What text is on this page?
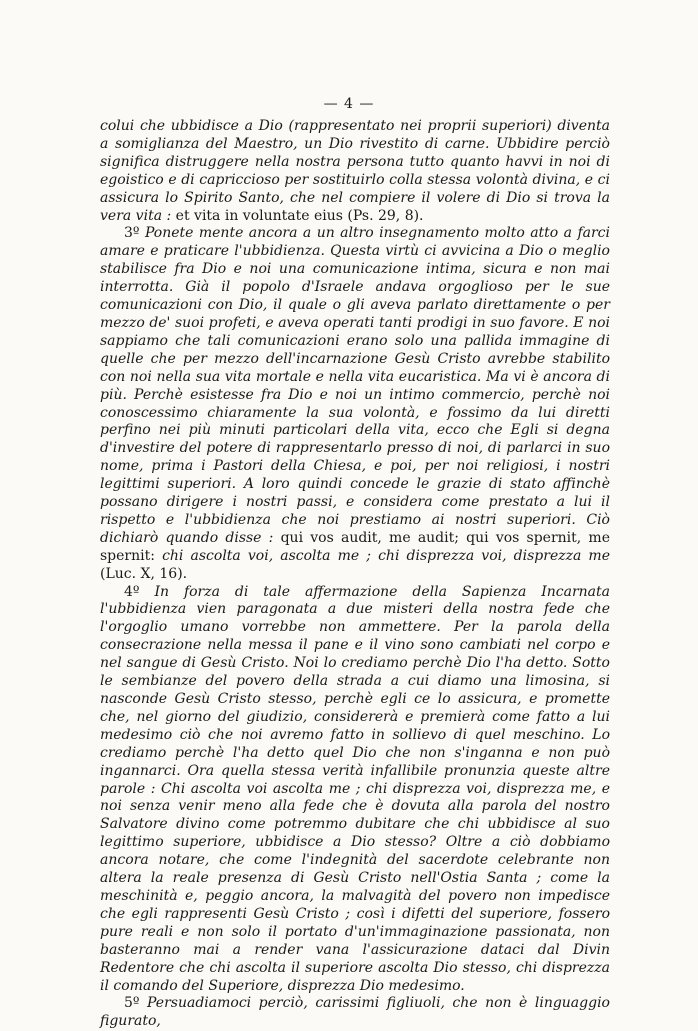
— 4 —

colui che ubbidisce a Dio (rappresentato nei proprii superiori) diventa a somiglianza del Maestro, un Dio rivestito di carne. Ubbidire perciò significa distruggere nella nostra persona tutto quanto havvi in noi di egoistico e di capriccioso per sostituirlo colla stessa volontà divina, e ci assicura lo Spirito Santo, che nel compiere il volere di Dio si trova la vera vita : et vita in voluntate eius (Ps. 29, 8).

3º Ponete mente ancora a un altro insegnamento molto atto a farci amare e praticare l'ubbidienza. Questa virtù ci avvicina a Dio o meglio stabilisce fra Dio e noi una comunicazione intima, sicura e non mai interrotta. Già il popolo d'Israele andava orgoglioso per le sue comunicazioni con Dio, il quale o gli aveva parlato direttamente o per mezzo de' suoi profeti, e aveva operati tanti prodigi in suo favore. E noi sappiamo che tali comunicazioni erano solo una pallida immagine di quelle che per mezzo dell'incarnazione Gesù Cristo avrebbe stabilito con noi nella sua vita mortale e nella vita eucaristica. Ma vi è ancora di più. Perchè esistesse fra Dio e noi un intimo commercio, perchè noi conoscessimo chiaramente la sua volontà, e fossimo da lui diretti perfino nei più minuti particolari della vita, ecco che Egli si degna d'investire del potere di rappresentarlo presso di noi, di parlarci in suo nome, prima i Pastori della Chiesa, e poi, per noi religiosi, i nostri legittimi superiori. A loro quindi concede le grazie di stato affinchè possano dirigere i nostri passi, e considera come prestato a lui il rispetto e l'ubbidienza che noi prestiamo ai nostri superiori. Ciò dichiarò quando disse : qui vos audit, me audit; qui vos spernit, me spernit: chi ascolta voi, ascolta me ; chi disprezza voi, disprezza me (Luc. X, 16).

4º In forza di tale affermazione della Sapienza Incarnata l'ubbidienza vien paragonata a due misteri della nostra fede che l'orgoglio umano vorrebbe non ammettere. Per la parola della consecrazione nella messa il pane e il vino sono cambiati nel corpo e nel sangue di Gesù Cristo. Noi lo crediamo perchè Dio l'ha detto. Sotto le sembianze del povero della strada a cui diamo una limosina, si nasconde Gesù Cristo stesso, perchè egli ce lo assicura, e promette che, nel giorno del giudizio, considererà e premierà come fatto a lui medesimo ciò che noi avremo fatto in sollievo di quel meschino. Lo crediamo perchè l'ha detto quel Dio che non s'inganna e non può ingannarci. Ora quella stessa verità infallibile pronunzia queste altre parole : Chi ascolta voi ascolta me ; chi disprezza voi, disprezza me, e noi senza venir meno alla fede che è dovuta alla parola del nostro Salvatore divino come potremmo dubitare che chi ubbidisce al suo legittimo superiore, ubbidisce a Dio stesso? Oltre a ciò dobbiamo ancora notare, che come l'indegnità del sacerdote celebrante non altera la reale presenza di Gesù Cristo nell'Ostia Santa ; come la meschinità e, peggio ancora, la malvagità del povero non impedisce che egli rappresenti Gesù Cristo ; così i difetti del superiore, fossero pure reali e non solo il portato d'un'immaginazione passionata, non basteranno mai a render vana l'assicurazione dataci dal Divin Redentore che chi ascolta il superiore ascolta Dio stesso, chi disprezza il comando del Superiore, disprezza Dio medesimo.

5º Persuadiamoci perciò, carissimi figliuoli, che non è linguaggio figurato,
